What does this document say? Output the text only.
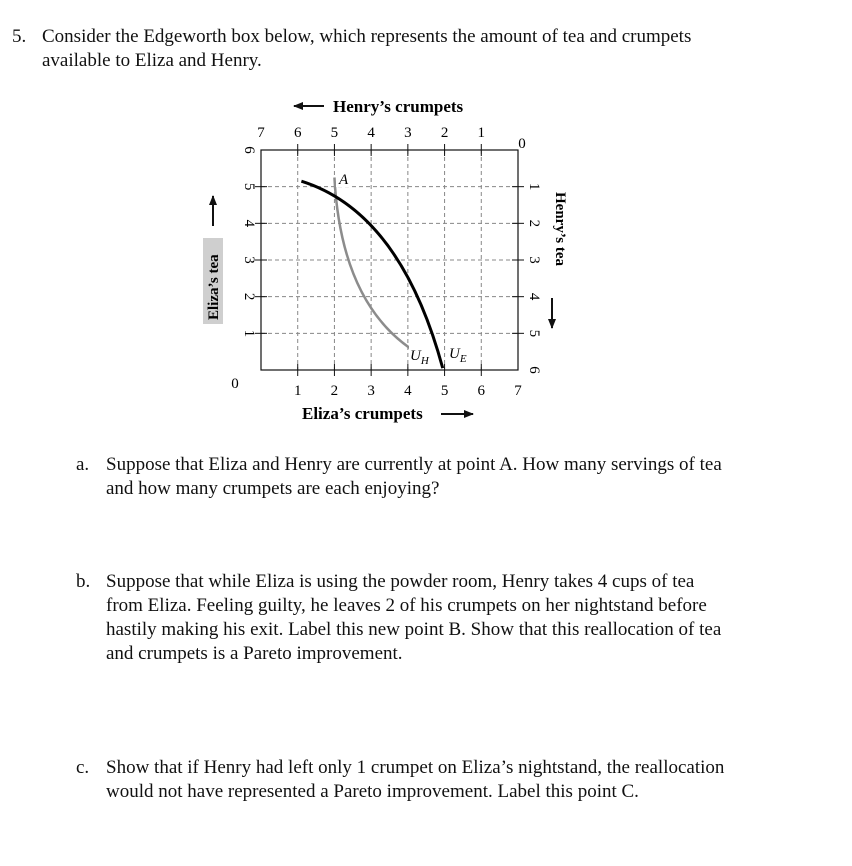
5. Consider the Edgeworth box below, which represents the amount of tea and crumpets
available to Eliza and Henry.
Henry’s crumpets
Eliza’s crumpets
Eliza’s tea
Henry’s tea
7 6 5 4 3 2 1
0
0	1 2 3 4 5 6 7
6
5
4
3
2
1
1
2
3
4
5
6
A
$U_H$ $U_E$
a. Suppose that Eliza and Henry are currently at point A. How many servings of tea
and how many crumpets are each enjoying?
b. Suppose that while Eliza is using the powder room, Henry takes 4 cups of tea
from Eliza. Feeling guilty, he leaves 2 of his crumpets on her nightstand before
hastily making his exit. Label this new point B. Show that this reallocation of tea
and crumpets is a Pareto improvement.
c. Show that if Henry had left only 1 crumpet on Eliza’s nightstand, the reallocation
would not have represented a Pareto improvement. Label this point C.
